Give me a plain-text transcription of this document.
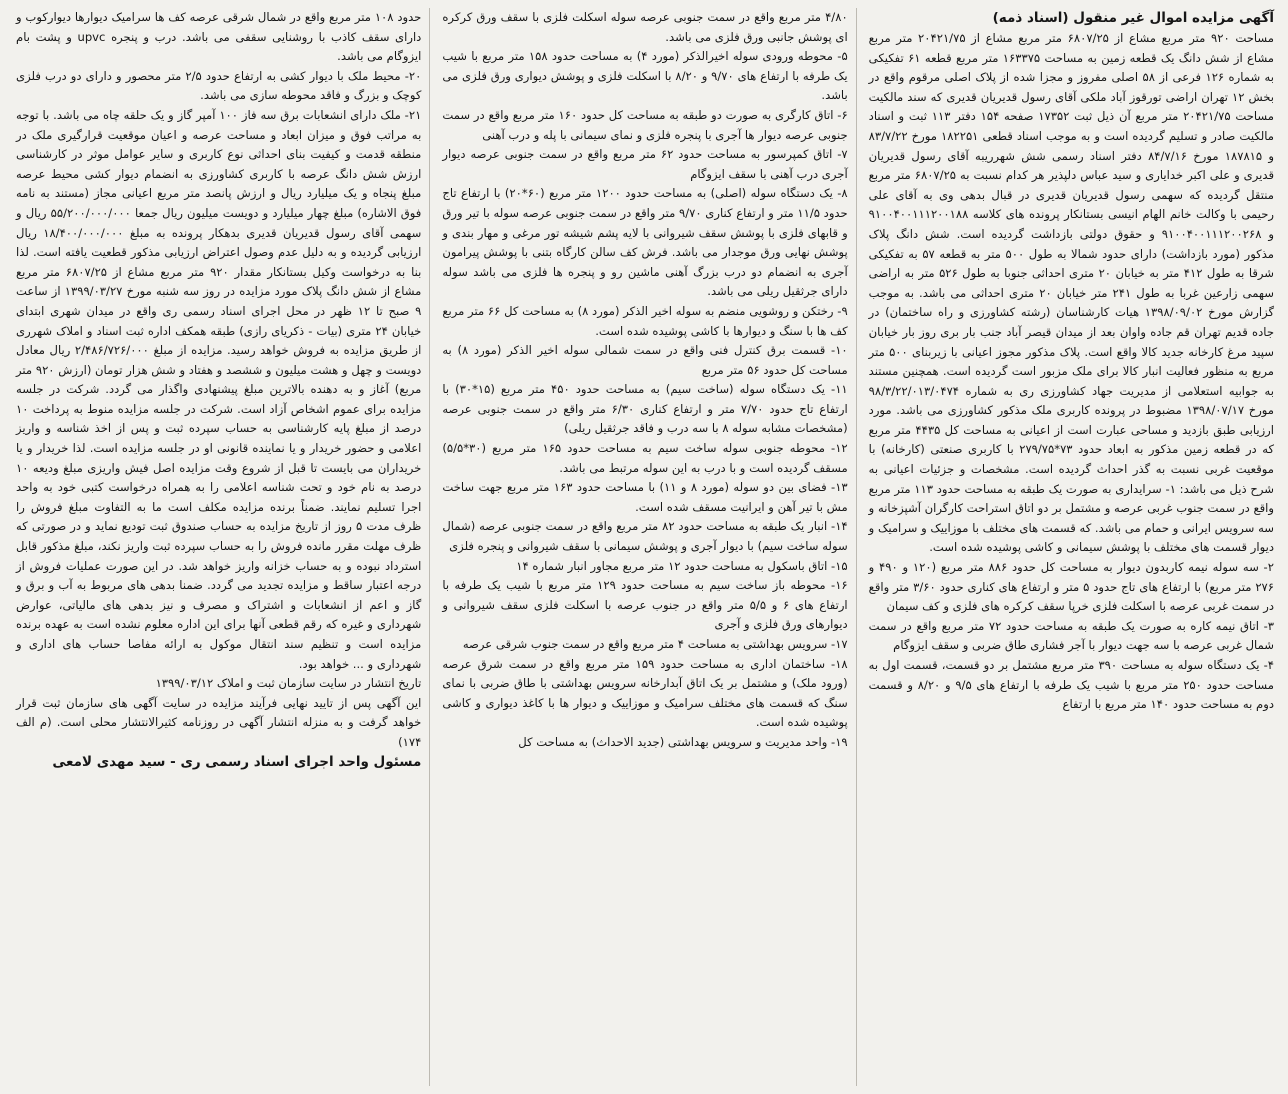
آگهی مزایده اموال غیر منقول (اسناد ذمه)

مساحت ۹۲۰ متر مربع مشاع از ۶۸۰۷/۲۵ متر مربع مشاع از ۲۰۴۲۱/۷۵ متر مربع مشاع از شش دانگ یک قطعه زمین به مساحت ۱۶۳۳۷۵ متر مربع قطعه ۶۱ تفکیکی به شماره ۱۲۶ فرعی از ۵۸ اصلی مفروز و مجزا شده از پلاک اصلی مرقوم واقع در بخش ۱۲ تهران اراضی تورقوز آباد ملکی آقای رسول قدیریان قدیری که سند مالکیت مساحت ۲۰۴۲۱/۷۵ متر مربع آن ذیل ثبت ۱۷۳۵۲ صفحه ۱۵۴ دفتر ۱۱۳ ثبت و اسناد مالکیت صادر و تسلیم گردیده است و به موجب اسناد قطعی ۱۸۲۲۵۱ مورخ ۸۳/۷/۲۲ و ۱۸۷۸۱۵ مورخ ۸۴/۷/۱۶ دفتر اسناد رسمی شش شهرریبه آقای رسول قدیریان قدیری و علی اکبر خدایاری و سید عباس دلپذیر هر کدام نسبت به ۶۸۰۷/۲۵ متر مربع منتقل گردیده که سهمی رسول قدیریان قدیری در قبال بدهی وی به آقای علی رحیمی با وکالت خانم الهام انیسی بستانکار پرونده های کلاسه ۹۱۰۰۴۰۰۱۱۱۲۰۰۱۸۸ و ۹۱۰۰۴۰۰۱۱۱۲۰۰۲۶۸ و حقوق دولتی بازداشت گردیده است. شش دانگ پلاک مذکور (مورد بازداشت) دارای حدود شمالا به طول ۵۰۰ متر به قطعه ۵۷ به تفکیکی شرقا به طول ۴۱۲ متر به خیابان ۲۰ متری احداثی جنوبا به طول ۵۲۶ متر به اراضی سهمی زارعین غربا به طول ۲۴۱ متر خیابان ۲۰ متری احداثی می باشد. به موجب گزارش مورخ ۱۳۹۸/۰۹/۰۲ هیات کارشناسان (رشته کشاورزی و راه ساختمان) در جاده قدیم تهران قم جاده واوان بعد از میدان قیصر آباد جنب بار بری روز بار خیابان سپید مرغ کارخانه جدید کالا واقع است. پلاک مذکور مجوز اعیانی با زیربنای ۵۰۰ متر مربع به منظور فعالیت انبار کالا برای ملک مزبور است گردیده است. همچنین مستند به جوابیه استعلامی از مدیریت جهاد کشاورزی ری به شماره ۹۸/۳/۲۲/۰۱۳/۰۴۷۴ مورخ ۱۳۹۸/۰۷/۱۷ مضبوط در پرونده کاربری ملک مذکور کشاورزی می باشد. مورد ارزیابی طبق بازدید و مساحی عبارت است از اعیانی به مساحت کل ۴۴۳۵ متر مربع که در قطعه زمین مذکور به ابعاد حدود ۷۳*۲۷۹/۷۵ با کاربری صنعتی (کارخانه) با موقعیت غربی نسبت به گذر احداث گردیده است. مشخصات و جزئیات اعیانی به شرح ذیل می باشد: ۱- سرایداری به صورت یک طبقه به مساحت حدود ۱۱۳ متر مربع واقع در سمت جنوب غربی عرصه و مشتمل بر دو اتاق استراحت کارگران آشپزخانه و سه سرویس ایرانی و حمام می باشد. که قسمت های مختلف با موزاییک و سرامیک و دیوار قسمت های مختلف با پوشش سیمانی و کاشی پوشیده شده است.

۲- سه سوله نیمه کاربدون دیوار به مساحت کل حدود ۸۸۶ متر مربع (۱۲۰ و ۴۹۰ و ۲۷۶ متر مربع) با ارتفاع های تاج حدود ۵ متر و ارتفاع های کناری حدود ۳/۶۰ متر واقع در سمت غربی عرصه با اسکلت فلزی خرپا سقف کرکره های فلزی و کف سیمان

۳- اتاق نیمه کاره به صورت یک طبقه به مساحت حدود ۷۲ متر مربع واقع در سمت شمال غربی عرصه با سه جهت دیوار با آجر فشاری طاق ضربی و سقف ایزوگام

۴- یک دستگاه سوله به مساحت ۳۹۰ متر مربع مشتمل بر دو قسمت، قسمت اول به مساحت حدود ۲۵۰ متر مربع با شیب یک طرفه با ارتفاع های ۹/۵ و ۸/۲۰ و قسمت دوم به مساحت حدود ۱۴۰ متر مربع با ارتفاع

۴/۸۰ متر مربع واقع در سمت جنوبی عرصه سوله اسکلت فلزی با سقف ورق کرکره ای پوشش جانبی ورق فلزی می باشد.

۵- محوطه ورودی سوله اخیرالذکر (مورد ۴) به مساحت حدود ۱۵۸ متر مربع با شیب یک طرفه با ارتفاع های ۹/۷۰ و ۸/۲۰ با اسکلت فلزی و پوشش دیواری ورق فلزی می باشد.

۶- اتاق کارگری به صورت دو طبقه به مساحت کل حدود ۱۶۰ متر مربع واقع در سمت جنوبی عرصه دیوار ها آجری با پنجره فلزی و نمای سیمانی با پله و درب آهنی

۷- اتاق کمپرسور به مساحت حدود ۶۲ متر مربع واقع در سمت جنوبی عرصه دیوار آجری درب آهنی با سقف ایزوگام

۸- یک دستگاه سوله (اصلی) به مساحت حدود ۱۲۰۰ متر مربع (۶۰*۲۰) با ارتفاع تاج حدود ۱۱/۵ متر و ارتفاع کناری ۹/۷۰ متر واقع در سمت جنوبی عرصه سوله با تیر ورق و قابهای فلزی با پوشش سقف شیروانی با لایه پشم شیشه تور مرغی و مهار بندی و پوشش نهایی ورق موجدار می باشد. فرش کف سالن کارگاه بتنی با پوشش پیرامون آجری به انضمام دو درب بزرگ آهنی ماشین رو و پنجره ها فلزی می باشد سوله دارای جرثقیل ریلی می باشد.

۹- رختکن و روشویی منضم به سوله اخیر الذکر (مورد ۸) به مساحت کل ۶۶ متر مربع کف ها با سنگ و دیوارها با کاشی پوشیده شده است.

۱۰- قسمت برق کنترل فنی واقع در سمت شمالی سوله اخیر الذکر (مورد ۸) به مساحت کل حدود ۵۶ متر مربع

۱۱- یک دستگاه سوله (ساخت سیم) به مساحت حدود ۴۵۰ متر مربع (۱۵*۳۰) با ارتفاع تاج حدود ۷/۷۰ متر و ارتفاع کناری ۶/۳۰ متر واقع در سمت جنوبی عرصه (مشخصات مشابه سوله ۸ با سه درب و فاقد جرثقیل ریلی)

۱۲- محوطه جنوبی سوله ساخت سیم به مساحت حدود ۱۶۵ متر مربع (۳۰*۵/۵) مسقف گردیده است و با درب به این سوله مرتبط می باشد.

۱۳- فضای بین دو سوله (مورد ۸ و ۱۱) با مساحت حدود ۱۶۳ متر مربع جهت ساخت مش با تیر آهن و ایرانیت مسقف شده است.

۱۴- انبار یک طبقه به مساحت حدود ۸۲ متر مربع واقع در سمت جنوبی عرصه (شمال سوله ساخت سیم) با دیوار آجری و پوشش سیمانی با سقف شیروانی و پنجره فلزی

۱۵- اتاق باسکول به مساحت حدود ۱۲ متر مربع مجاور انبار شماره ۱۴

۱۶- محوطه باز ساخت سیم به مساحت حدود ۱۲۹ متر مربع با شیب یک طرفه با ارتفاع های ۶ و ۵/۵ متر واقع در جنوب عرصه با اسکلت فلزی سقف شیروانی و دیوارهای ورق فلزی و آجری

۱۷- سرویس بهداشتی به مساحت ۴ متر مربع واقع در سمت جنوب شرقی عرصه

۱۸- ساختمان اداری به مساحت حدود ۱۵۹ متر مربع واقع در سمت شرق عرصه (ورود ملک) و مشتمل بر یک اتاق آبدارخانه سرویس بهداشتی با طاق ضربی با نمای سنگ که قسمت های مختلف سرامیک و موزاییک و دیوار ها با کاغذ دیواری و کاشی پوشیده شده است.

۱۹- واحد مدیریت و سرویس بهداشتی (جدید الاحداث) به مساحت کل

حدود ۱۰۸ متر مربع واقع در شمال شرقی عرصه کف ها سرامیک دیوارها دیوارکوب و دارای سقف کاذب با روشنایی سقفی می باشد. درب و پنجره upvc و پشت بام ایزوگام می باشد.

۲۰- محیط ملک با دیوار کشی به ارتفاع حدود ۲/۵ متر محصور و دارای دو درب فلزی کوچک و بزرگ و فاقد محوطه سازی می باشد.

۲۱- ملک دارای انشعابات برق سه فاز ۱۰۰ آمپر گاز و یک حلقه چاه می باشد. با توجه به مراتب فوق و میزان ابعاد و مساحت عرصه و اعیان موقعیت قرارگیری ملک در منطقه قدمت و کیفیت بنای احداثی نوع کاربری و سایر عوامل موثر در کارشناسی ارزش شش دانگ عرصه با کاربری کشاورزی به انضمام دیوار کشی محیط عرصه مبلغ پنجاه و یک میلیارد ریال و ارزش پانصد متر مربع اعیانی مجاز (مستند به نامه فوق الاشاره) مبلغ چهار میلیارد و دویست میلیون ریال جمعا ۵۵/۲۰۰/۰۰۰/۰۰۰ ریال و سهمی آقای رسول قدیریان قدیری بدهکار پرونده به مبلغ ۱۸/۴۰۰/۰۰۰/۰۰۰ ریال ارزیابی گردیده و به دلیل عدم وصول اعتراض ارزیابی مذکور قطعیت یافته است. لذا بنا به درخواست وکیل بستانکار مقدار ۹۲۰ متر مربع مشاع از ۶۸۰۷/۲۵ متر مربع مشاع از شش دانگ پلاک مورد مزایده در روز سه شنبه مورخ ۱۳۹۹/۰۳/۲۷ از ساعت ۹ صبح تا ۱۲ ظهر در محل اجرای اسناد رسمی ری واقع در میدان شهری ابتدای خیابان ۲۴ متری (بیات - ذکریای رازی) طبقه همکف اداره ثبت اسناد و املاک شهرری از طریق مزایده به فروش خواهد رسید. مزایده از مبلغ ۲/۴۸۶/۷۲۶/۰۰۰ ریال معادل دویست و چهل و هشت میلیون و ششصد و هفتاد و شش هزار تومان (ارزش ۹۲۰ متر مربع) آغاز و به دهنده بالاترین مبلغ پیشنهادی واگذار می گردد. شرکت در جلسه مزایده برای عموم اشخاص آزاد است. شرکت در جلسه مزایده منوط به پرداخت ۱۰ درصد از مبلغ پایه کارشناسی به حساب سپرده ثبت و پس از اخذ شناسه و واریز اعلامی و حضور خریدار و یا نماینده قانونی او در جلسه مزایده است. لذا خریدار و یا خریداران می بایست تا قبل از شروع وقت مزایده اصل فیش واریزی مبلغ ودیعه ۱۰ درصد به نام خود و تحت شناسه اعلامی را به همراه درخواست کتبی خود به واحد اجرا تسلیم نمایند. ضمناً برنده مزایده مکلف است ما به التفاوت مبلغ فروش را ظرف مدت ۵ روز از تاریخ مزایده به حساب صندوق ثبت تودیع نماید و در صورتی که ظرف مهلت مقرر مانده فروش را به حساب سپرده ثبت واریز نکند، مبلغ مذکور قابل استرداد نبوده و به حساب خزانه واریز خواهد شد. در این صورت عملیات فروش از درجه اعتبار ساقط و مزایده تجدید می گردد. ضمنا بدهی های مربوط به آب و برق و گاز و اعم از انشعابات و اشتراک و مصرف و نیز بدهی های مالیاتی، عوارض شهرداری و غیره که رقم قطعی آنها برای این اداره معلوم نشده است به عهده برنده مزایده است و تنظیم سند انتقال موکول به ارائه مفاصا حساب های اداری و شهرداری و ... خواهد بود.

تاریخ انتشار در سایت سازمان ثبت و املاک ۱۳۹۹/۰۳/۱۲

این آگهی پس از تایید نهایی فرآیند مزایده در سایت آگهی های سازمان ثبت قرار خواهد گرفت و به منزله انتشار آگهی در روزنامه کثیرالانتشار محلی است. (م الف ۱۷۴)

مسئول واحد اجرای اسناد رسمی ری - سید مهدی لامعی
